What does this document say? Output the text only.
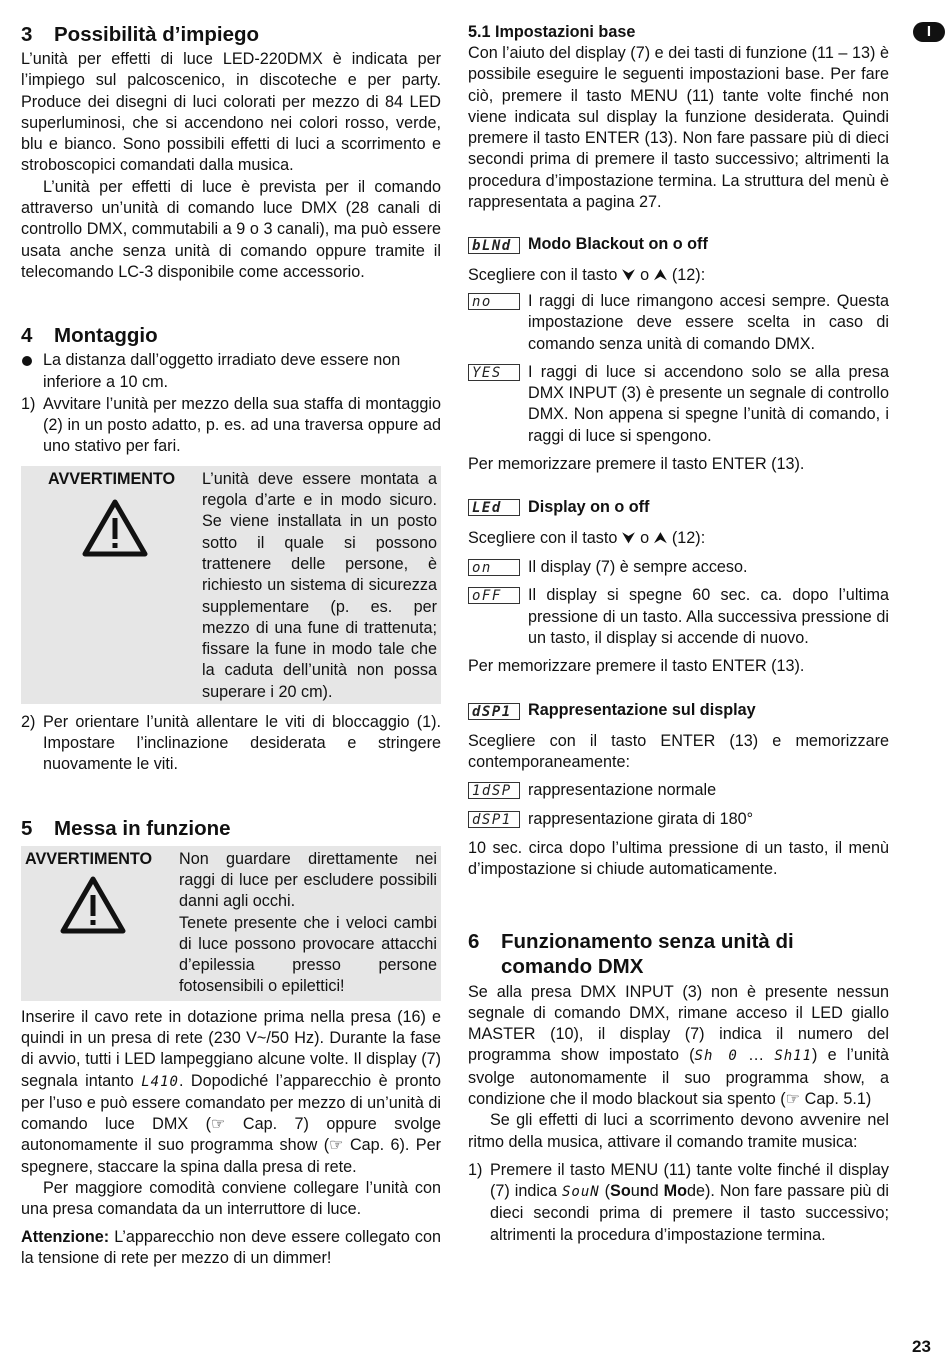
I
3 Possibilità d’impiego

L’unità per effetti di luce LED-220DMX è indicata per l’impiego sul palcoscenico, in discoteche e per party. Produce dei disegni di luci colorati per mezzo di 84 LED superluminosi, che si accendono nei colori rosso, verde, blu e bianco. Sono possibili effetti di luci a scorrimento e stroboscopici comandati dalla musica.

L’unità per effetti di luce è prevista per il comando attraverso un’unità di comando luce DMX (28 canali di controllo DMX, commutabili a 9 o 3 canali), ma può essere usata anche senza unità di comando oppure tramite il telecomando LC-3 disponibile come accessorio.

4 Montaggio
La distanza dall’oggetto irradiato deve essere non inferiore a 10 cm.
1) Avvitare l’unità per mezzo della sua staffa di montaggio (2) in un posto adatto, p. es. ad una traversa oppure ad uno stativo per fari.

AVVERTIMENTO L’unità deve essere montata a regola d’arte e in modo sicuro. Se viene installata in un posto sotto il quale si possono trattenere delle persone, è richiesto un sistema di sicurezza supplementare (p. es. per mezzo di una fune di trattenuta; fissare la fune in modo tale che la caduta dell’unità non possa superare i 20 cm).

2) Per orientare l’unità allentare le viti di bloccaggio (1). Impostare l’inclinazione desiderata e stringere nuovamente le viti.

5 Messa in funzione
AVVERTIMENTO Non guardare direttamente nei raggi di luce per escludere possibili danni agli occhi.

Tenete presente che i veloci cambi di luce possono provocare attacchi d’epilessia presso persone fotosensibili o epilettici!

Inserire il cavo rete in dotazione prima nella presa (16) e quindi in un presa di rete (230 V~/50 Hz). Durante la fase di avvio, tutti i LED lampeggiano alcune volte. Il display (7) segnala intanto L410. Dopodiché l’apparecchio è pronto per l’uso e può essere comandato per mezzo di un’unità di comando luce DMX (☞ Cap. 7) oppure svolge autonomamente il suo programma show (☞ Cap. 6). Per spegnere, staccare la spina dalla presa di rete.

Per maggiore comodità conviene collegare l’unità con una presa comandata da un interruttore di luce.

Attenzione: L’apparecchio non deve essere collegato con la tensione di rete per mezzo di un dimmer!

5.1 Impostazioni base

Con l’aiuto del display (7) e dei tasti di funzione (11 – 13) è possibile eseguire le seguenti impostazioni base. Per fare ciò, premere il tasto MENU (11) tante volte finché non viene indicata sul display la funzione desiderata. Quindi premere il tasto ENTER (13). Non fare passare più di dieci secondi prima di premere il tasto successivo; altrimenti la procedura d’impostazione termina. La struttura del menù è rappresentata a pagina 27.

bLNd	Modo Blackout on o off

Scegliere con il tasto ⮟ o ⮝ (12):

no	I raggi di luce rimangono accesi sempre. Questa impostazione deve essere scelta in caso di comando senza unità di comando DMX.

YES	I raggi di luce si accendono solo se alla presa DMX INPUT (3) è presente un segnale di controllo DMX. Non appena si spegne l’unità di comando, i raggi di luce si spengono.

Per memorizzare premere il tasto ENTER (13).

LEd	Display on o off

Scegliere con il tasto ⮟ o ⮝ (12):

on	Il display (7) è sempre acceso.

oFF	Il display si spegne 60 sec. ca. dopo l’ultima pressione di un tasto. Alla successiva pressione di un tasto, il display si accende di nuovo.

Per memorizzare premere il tasto ENTER (13).

dSP1	Rappresentazione sul display

Scegliere con il tasto ENTER (13) e memorizzare contemporaneamente:

1dSP	rappresentazione normale

dSP1	rappresentazione girata di 180°

10 sec. circa dopo l’ultima pressione di un tasto, il menù d’impostazione si chiude automaticamente.

6 Funzionamento senza unità di
comando DMX

Se alla presa DMX INPUT (3) non è presente nessun segnale di comando DMX, rimane acceso il LED giallo MASTER (10), il display (7) indica il numero del programma show impostato (Sh 0 … Sh11) e l’unità svolge autonomamente il suo programma show, a condizione che il modo blackout sia spento (☞ Cap. 5.1)

Se gli effetti di luci a scorrimento devono avvenire nel ritmo della musica, attivare il comando tramite musica:

1) Premere il tasto MENU (11) tante volte finché il display (7) indica SouN (Sound Mode). Non fare passare più di dieci secondi prima di premere il tasto successivo; altrimenti la procedura d’impostazione termina.

23
